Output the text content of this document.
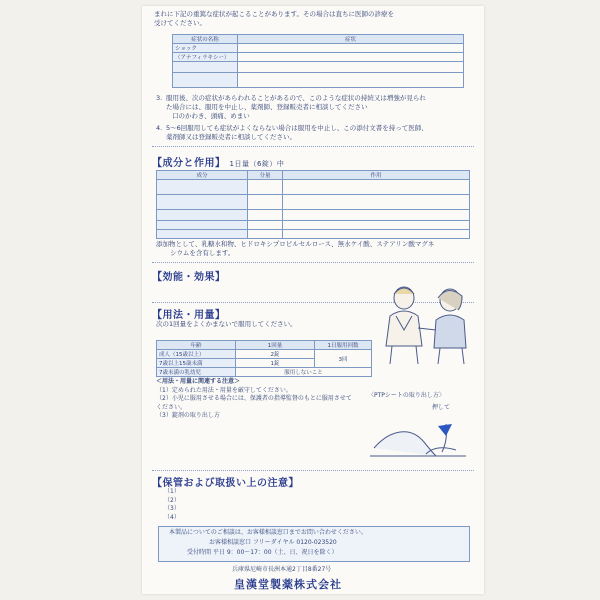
まれに下記の重篤な症状が起こることがあります。その場合は直ちに医師の診療を
受けてください。
症状の名称	症状
ショック	
（アナフィラキシー）	

3. 服用後、次の症状があらわれることがあるので、このような症状の持続又は増強が見られ
た場合には、服用を中止し、薬剤師、登録販売者に相談してください
口のかわき、頭痛、めまい
4. 5〜6回服用しても症状がよくならない場合は服用を中止し、この添付文書を持って医師、
薬剤師又は登録販売者に相談してください。
【成分と作用】 1日量（6錠）中
成分	分量	作用

添加物として、乳糖水和物、ヒドロキシプロピルセルロース、無水ケイ酸、ステアリン酸マグネ
シウムを含有します。
【効能・効果】
【用法・用量】
次の1回量をよくかまないで服用してください。
年齢	1回量	1日服用回数
成人（15歳以上）	2錠	3回
7歳以上15歳未満	1錠	
7歳未満の乳幼児	服用しないこと	
＜用法・用量に関連する注意＞
（1）定められた用法・用量を厳守してください。
（2）小児に服用させる場合には、保護者の指導監督のもとに服用させてください。
（3）錠剤の取り出し方
〈PTPシートの取り出し方〉
押して
【保管および取扱い上の注意】
（1）
（2）
（3）
（4）
本製品についてのご相談は、お客様相談窓口までお問い合わせください。
お客様相談窓口 フリーダイヤル 0120-023520
受付時間 平日 9：00〜17：00（土、日、祝日を除く）
兵庫県尼崎市長洲本通2丁目8番27号
皇漢堂製薬株式会社
